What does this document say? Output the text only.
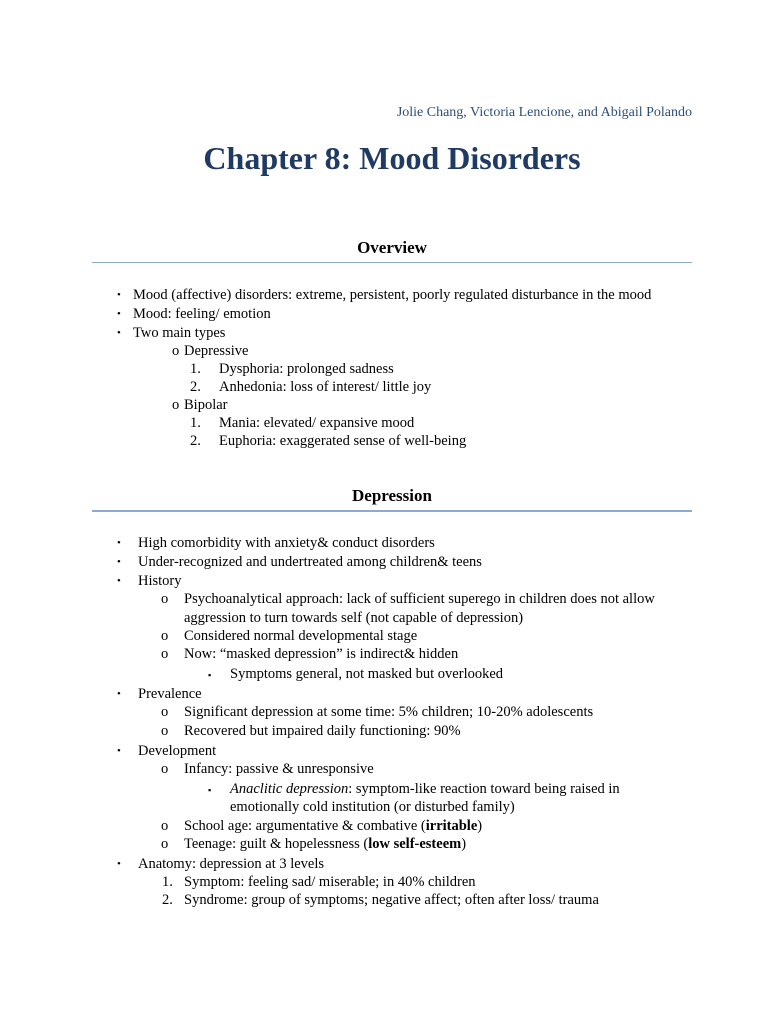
Jolie Chang, Victoria Lencione, and Abigail Polando
Chapter 8: Mood Disorders
Overview
• Mood (affective) disorders: extreme, persistent, poorly regulated disturbance in the mood
• Mood: feeling/ emotion
• Two main types
o Depressive
1. Dysphoria: prolonged sadness
2. Anhedonia: loss of interest/ little joy
o Bipolar
1. Mania: elevated/ expansive mood
2. Euphoria: exaggerated sense of well-being
Depression
• High comorbidity with anxiety& conduct disorders
• Under-recognized and undertreated among children& teens
• History
o Psychoanalytical approach: lack of sufficient superego in children does not allow
aggression to turn towards self (not capable of depression)
o Considered normal developmental stage
o Now: “masked depression” is indirect& hidden
▪ Symptoms general, not masked but overlooked
• Prevalence
o Significant depression at some time: 5% children; 10-20% adolescents
o Recovered but impaired daily functioning: 90%
• Development
o Infancy: passive & unresponsive
▪ Anaclitic depression: symptom-like reaction toward being raised in
emotionally cold institution (or disturbed family)
o School age: argumentative & combative (irritable)
o Teenage: guilt & hopelessness (low self-esteem)
• Anatomy: depression at 3 levels
1. Symptom: feeling sad/ miserable; in 40% children
2. Syndrome: group of symptoms; negative affect; often after loss/ trauma
